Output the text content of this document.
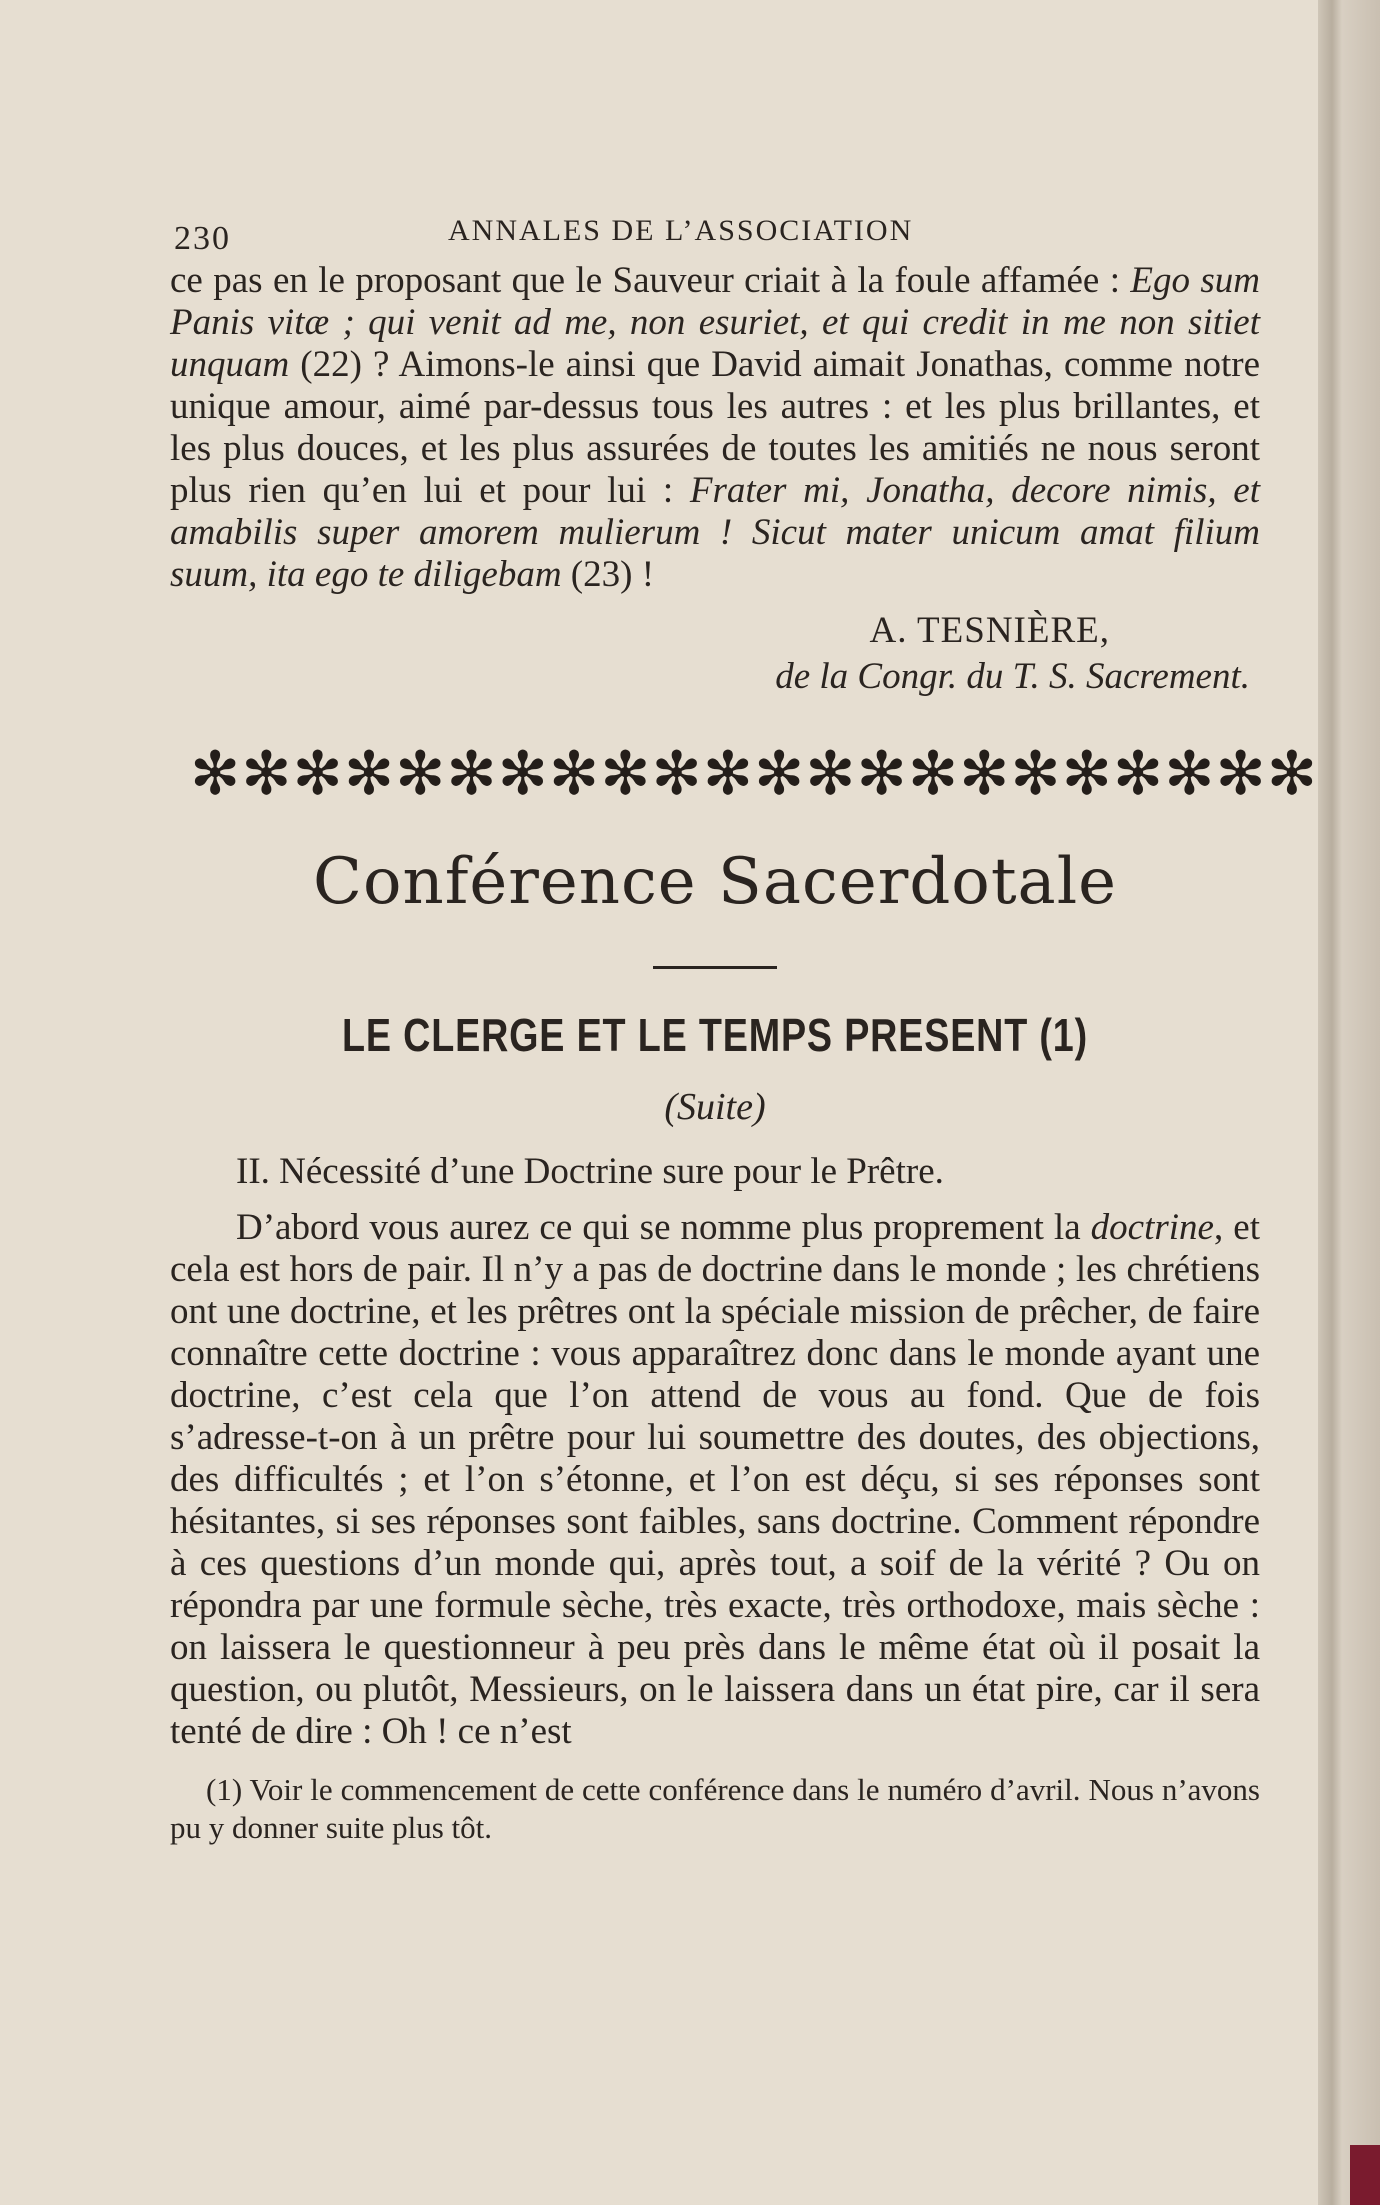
230	ANNALES DE L’ASSOCIATION

ce pas en le proposant que le Sauveur criait à la foule affamée : Ego sum Panis vitæ ; qui venit ad me, non esuriet, et qui credit in me non sitiet unquam (22) ? Aimons-le ainsi que David aimait Jonathas, comme notre unique amour, aimé par-dessus tous les autres : et les plus brillantes, et les plus douces, et les plus assurées de toutes les amitiés ne nous seront plus rien qu’en lui et pour lui : Frater mi, Jonatha, decore nimis, et amabilis super amorem mulierum ! Sicut mater unicum amat filium suum, ita ego te diligebam (23) !

A. TESNIÈRE,
de la Congr. du T. S. Sacrement.
✻✻✻✻✻✻✻✻✻✻✻✻✻✻✻✻✻✻✻✻✻✻
Conférence Sacerdotale
LE CLERGE ET LE TEMPS PRESENT (1)
(Suite)
II. Nécessité d’une Doctrine sure pour le Prêtre.

D’abord vous aurez ce qui se nomme plus proprement la doctrine, et cela est hors de pair. Il n’y a pas de doctrine dans le monde ; les chrétiens ont une doctrine, et les prêtres ont la spéciale mission de prêcher, de faire connaître cette doctrine : vous apparaîtrez donc dans le monde ayant une doctrine, c’est cela que l’on attend de vous au fond. Que de fois s’adresse-t-on à un prêtre pour lui soumettre des doutes, des objections, des difficultés ; et l’on s’étonne, et l’on est déçu, si ses réponses sont hésitantes, si ses réponses sont faibles, sans doctrine. Comment répondre à ces questions d’un monde qui, après tout, a soif de la vérité ? Ou on répondra par une formule sèche, très exacte, très orthodoxe, mais sèche : on laissera le questionneur à peu près dans le même état où il posait la question, ou plutôt, Messieurs, on le laissera dans un état pire, car il sera tenté de dire : Oh ! ce n’est

(1) Voir le commencement de cette conférence dans le numéro d’avril. Nous n’avons pu y donner suite plus tôt.
